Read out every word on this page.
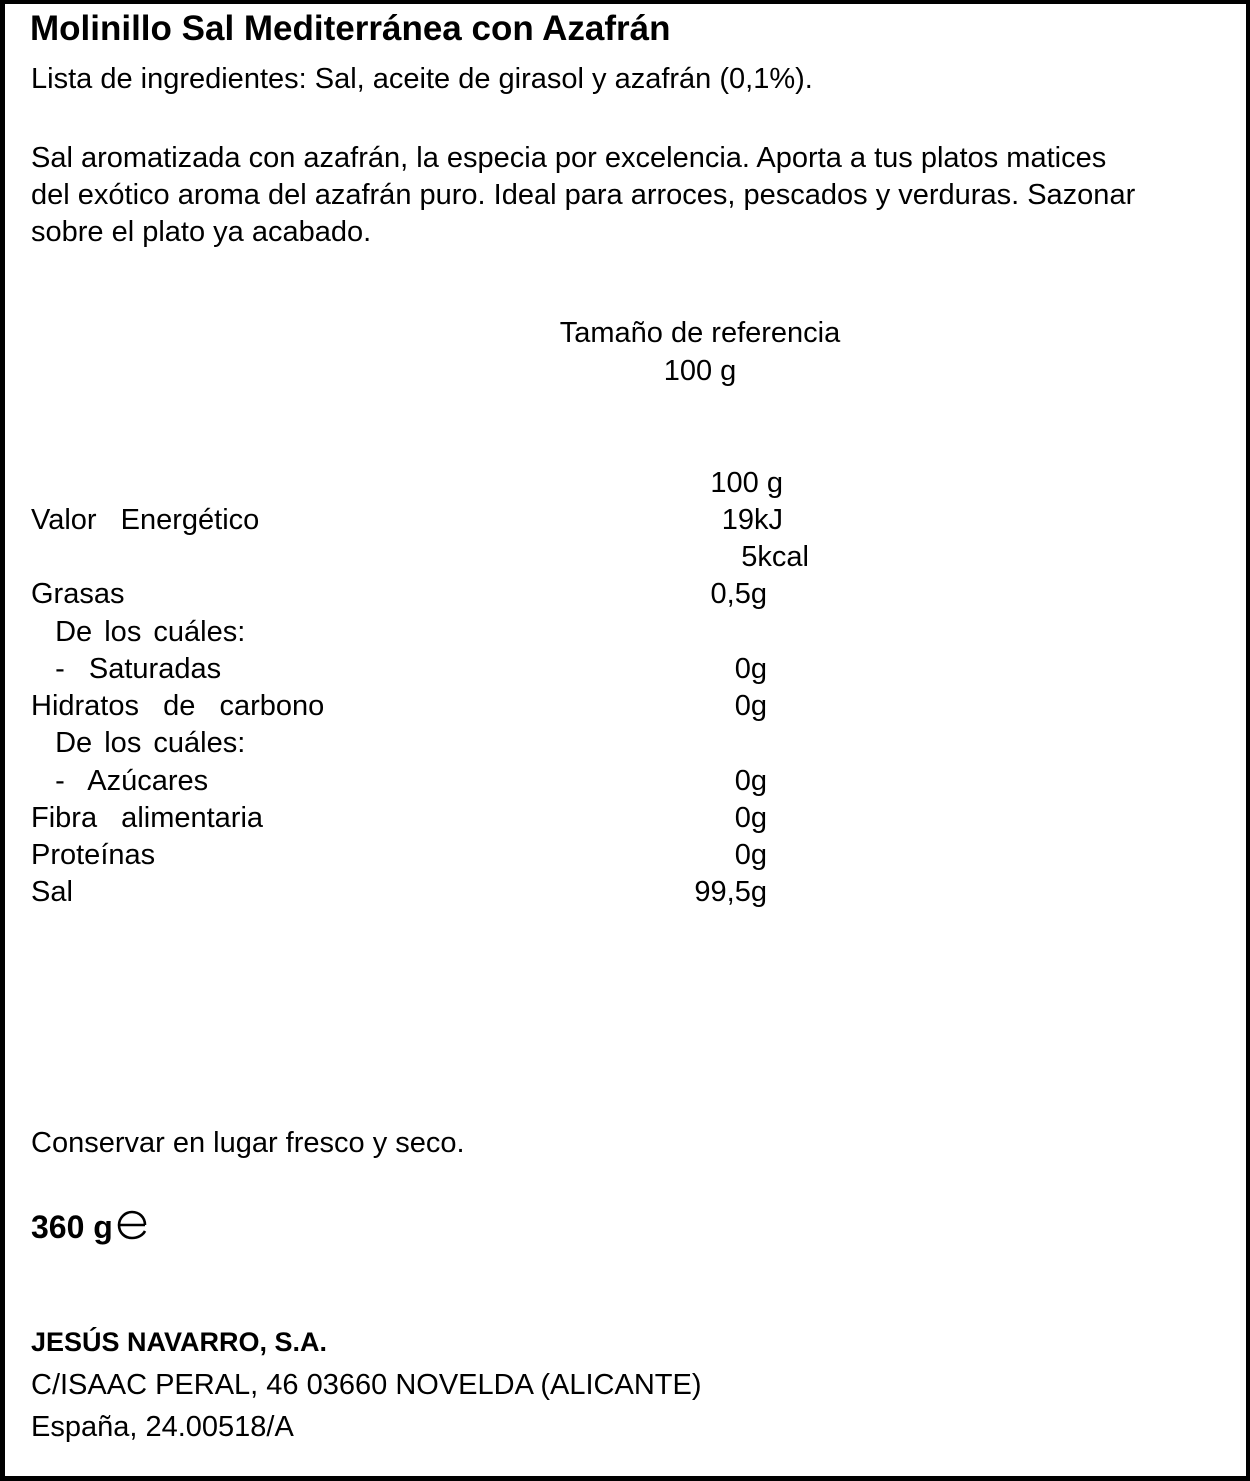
Molinillo Sal Mediterránea con Azafrán
Lista de ingredientes: Sal, aceite de girasol y azafrán (0,1%).
Sal aromatizada con azafrán, la especia por excelencia. Aporta a tus platos matices del exótico aroma del azafrán puro. Ideal para arroces, pescados y verduras. Sazonar sobre el plato ya acabado.
Tamaño de referencia
100 g
100 g
Valor  Energético	19kJ
5kcal
Grasas	0,5g
De los cuáles:
-  Saturadas	0g
Hidratos  de  carbono	0g
De los cuáles:
-  Azúcares	0g
Fibra  alimentaria	0g
Proteínas	0g
Sal	99,5g
Conservar en lugar fresco y seco.
360 g
JESÚS NAVARRO, S.A.
C/ISAAC PERAL, 46 03660 NOVELDA (ALICANTE)
España, 24.00518/A
